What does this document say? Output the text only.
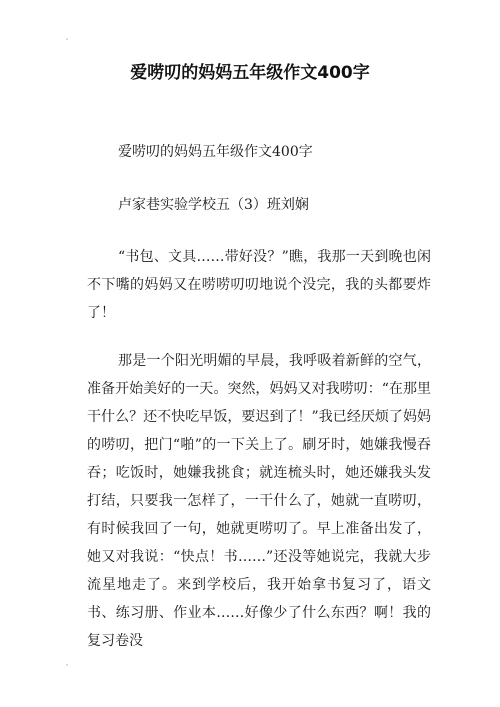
爱唠叨的妈妈五年级作文400字

爱唠叨的妈妈五年级作文400字

卢家巷实验学校五（3）班刘娴

“书包、文具……带好没？”瞧，我那一天到晚也闲不下嘴的妈妈又在唠唠叨叨地说个没完，我的头都要炸了！

那是一个阳光明媚的早晨，我呼吸着新鲜的空气，准备开始美好的一天。突然，妈妈又对我唠叨：“在那里干什么？还不快吃早饭，要迟到了！”我已经厌烦了妈妈的唠叨，把门“啪”的一下关上了。刷牙时，她嫌我慢吞吞；吃饭时，她嫌我挑食；就连梳头时，她还嫌我头发打结，只要我一怎样了，一干什么了，她就一直唠叨，有时候我回了一句，她就更唠叨了。早上准备出发了，她又对我说：“快点！书……”还没等她说完，我就大步流星地走了。来到学校后，我开始拿书复习了，语文书、练习册、作业本……好像少了什么东西？啊！我的复习卷没
